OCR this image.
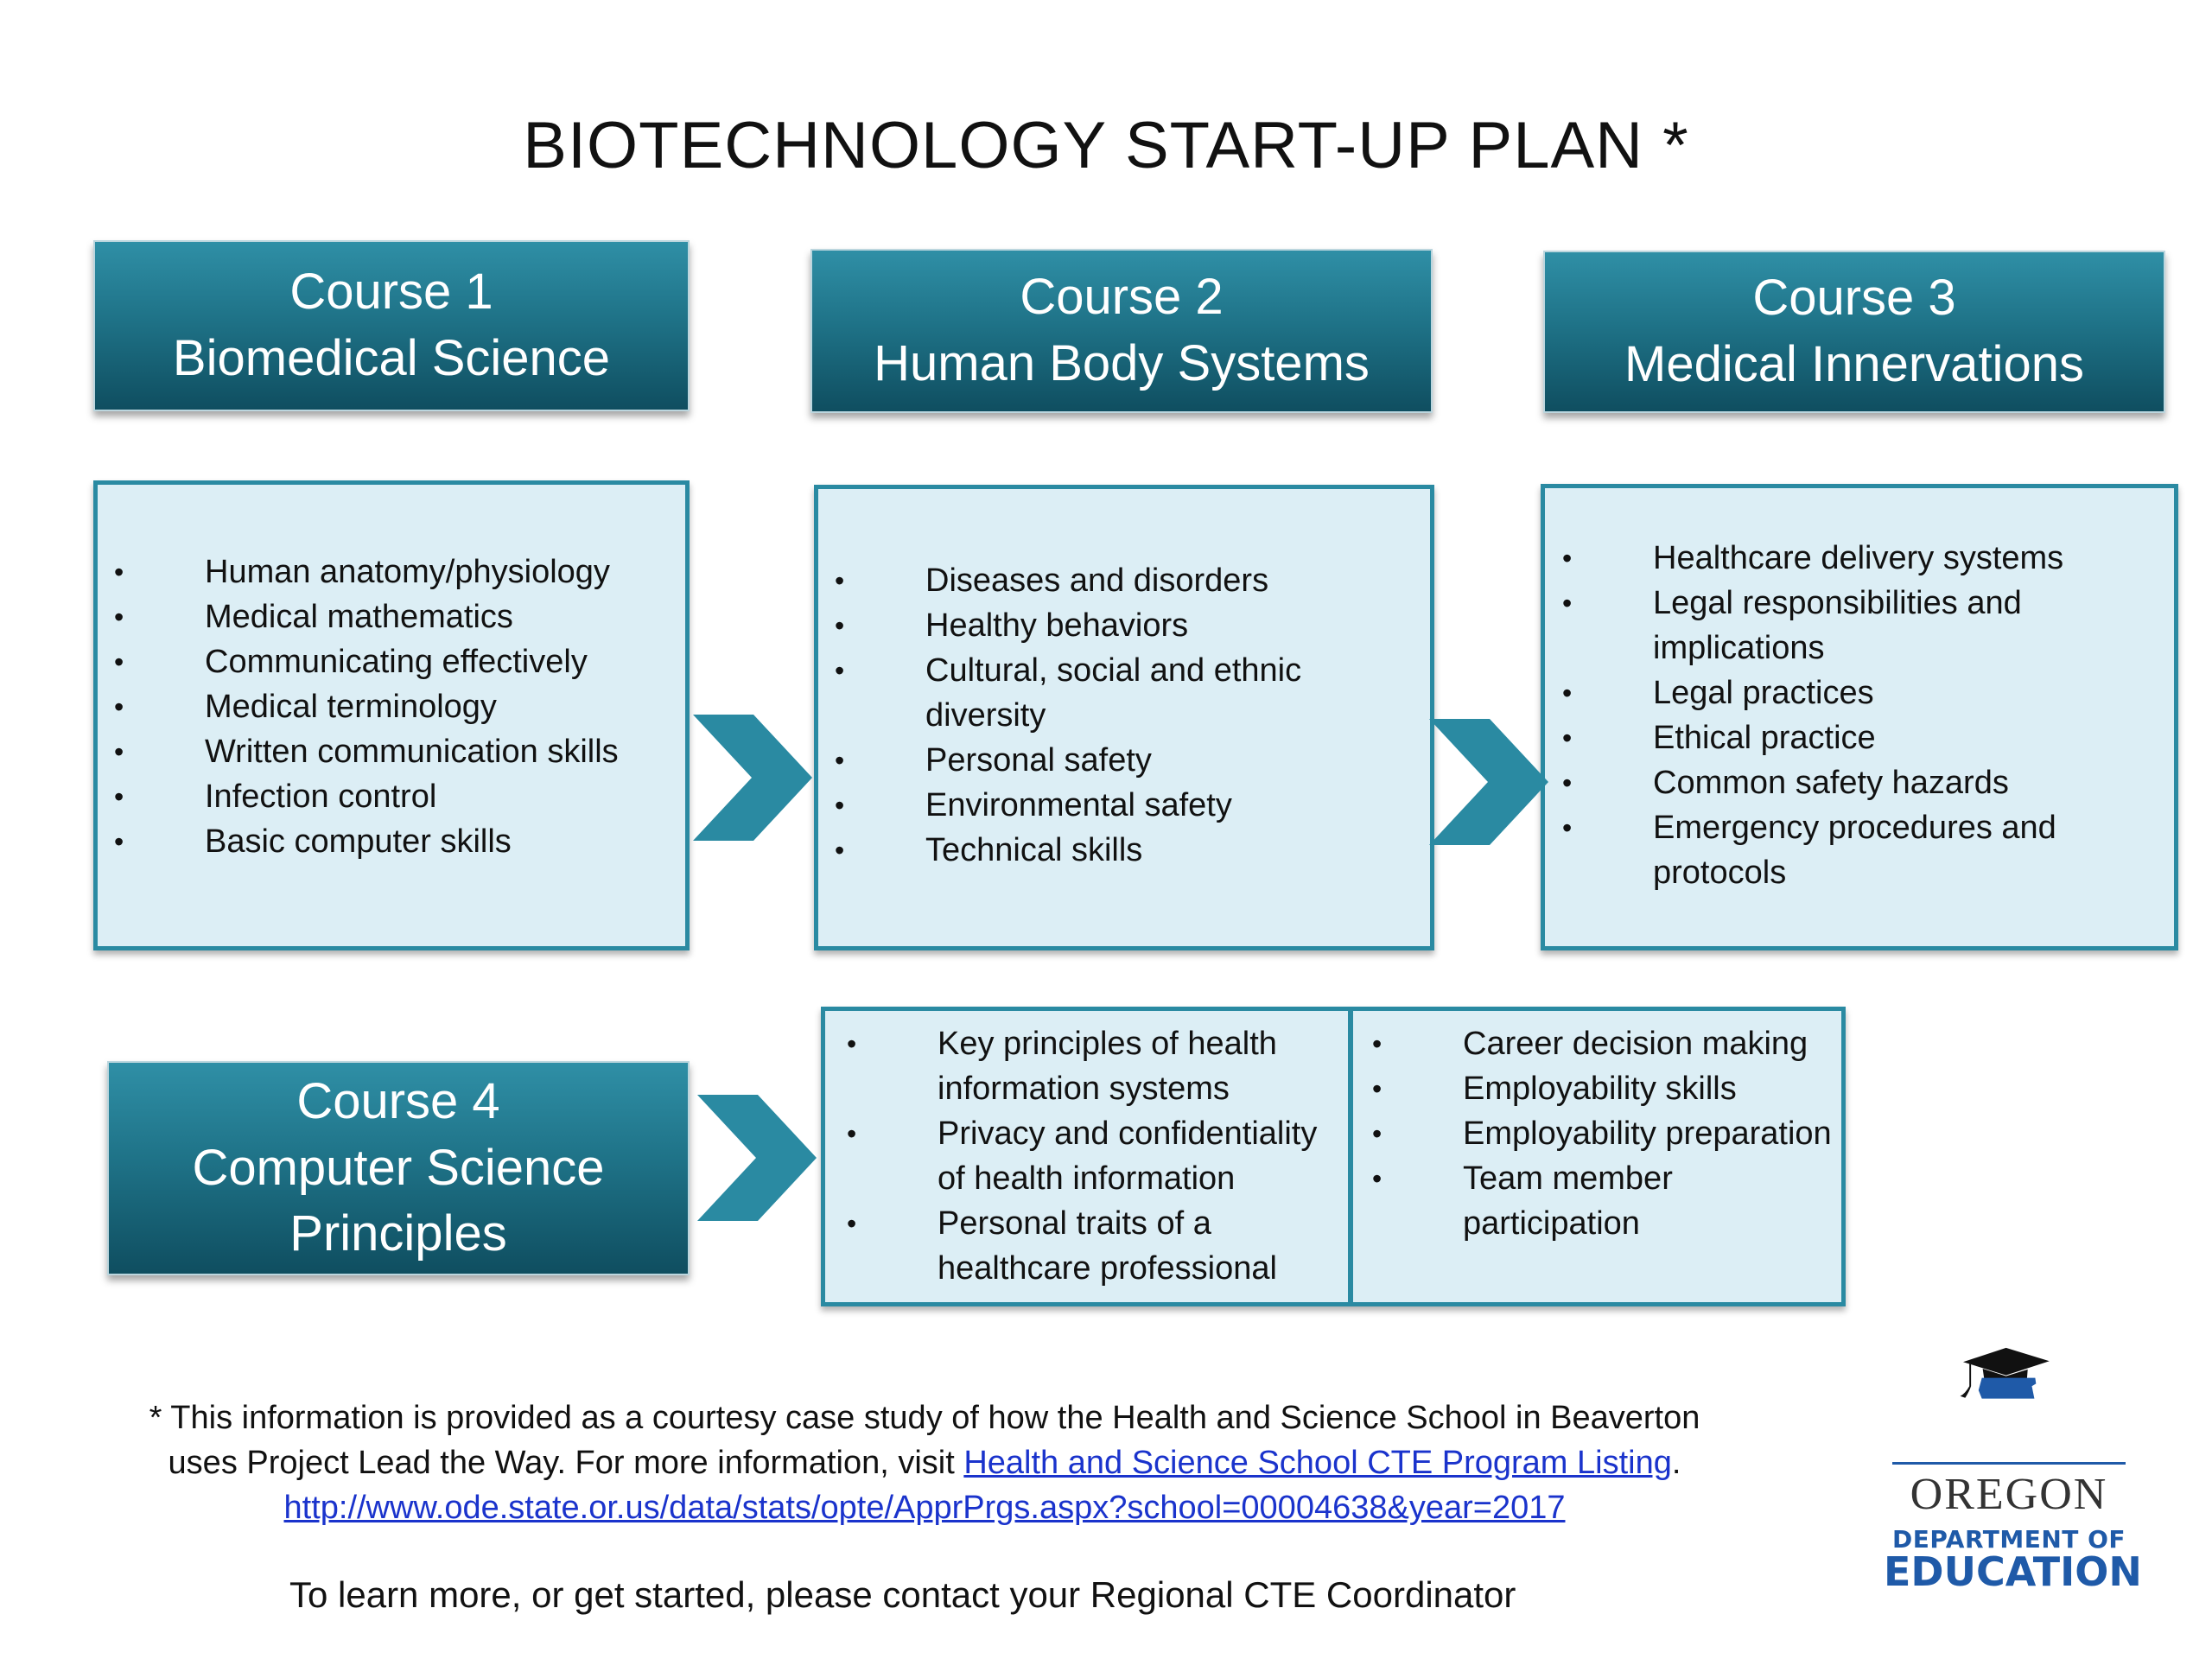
BIOTECHNOLOGY START-UP PLAN *
Course 1
Biomedical Science
Course 2
Human Body Systems
Course 3
Medical Innervations
Course 4
Computer Science
Principles
• Human anatomy/physiology
• Medical mathematics
• Communicating effectively
• Medical terminology
• Written communication skills
• Infection control
• Basic computer skills
• Diseases and disorders
• Healthy behaviors
• Cultural, social and ethnic diversity
• Personal safety
• Environmental safety
• Technical skills
• Healthcare delivery systems
• Legal responsibilities and implications
• Legal practices
• Ethical practice
• Common safety hazards
• Emergency procedures and protocols
• Key principles of health information systems
• Privacy and confidentiality of health information
• Personal traits of a healthcare professional
• Career decision making
• Employability skills
• Employability preparation
• Team member participation
* This information is provided as a courtesy case study of how the Health and Science School in Beaverton
uses Project Lead the Way. For more information, visit Health and Science School CTE Program Listing.
http://www.ode.state.or.us/data/stats/opte/ApprPrgs.aspx?school=00004638&year=2017
To learn more, or get started, please contact your Regional CTE Coordinator
OREGON
DEPARTMENT OF
EDUCATION
